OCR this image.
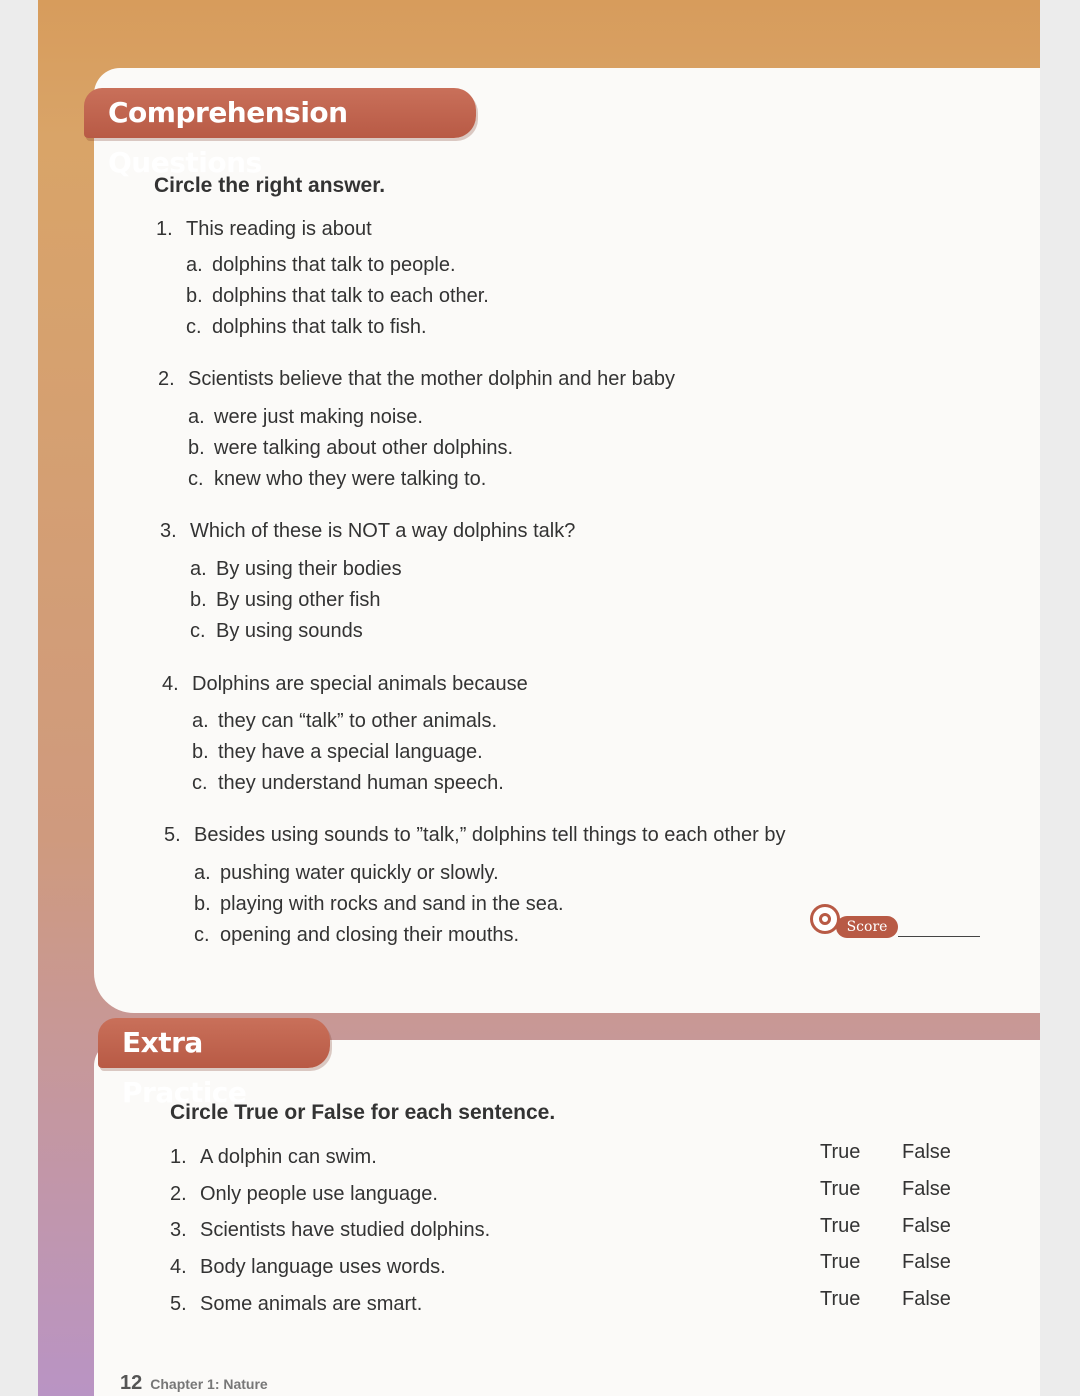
Comprehension Questions
Circle the right answer.
1. This reading is about
a. dolphins that talk to people.
b. dolphins that talk to each other.
c. dolphins that talk to fish.
2. Scientists believe that the mother dolphin and her baby
a. were just making noise.
b. were talking about other dolphins.
c. knew who they were talking to.
3. Which of these is NOT a way dolphins talk?
a. By using their bodies
b. By using other fish
c. By using sounds
4. Dolphins are special animals because
a. they can “talk” to other animals.
b. they have a special language.
c. they understand human speech.
5. Besides using sounds to ”talk,” dolphins tell things to each other by
a. pushing water quickly or slowly.
b. playing with rocks and sand in the sea.
c. opening and closing their mouths.	Score
Extra Practice
Circle True or False for each sentence.
1. A dolphin can swim.	True False
2. Only people use language.	True False
3. Scientists have studied dolphins.	True False
4. Body language uses words.	True False
5. Some animals are smart.	True False
12 Chapter 1: Nature
